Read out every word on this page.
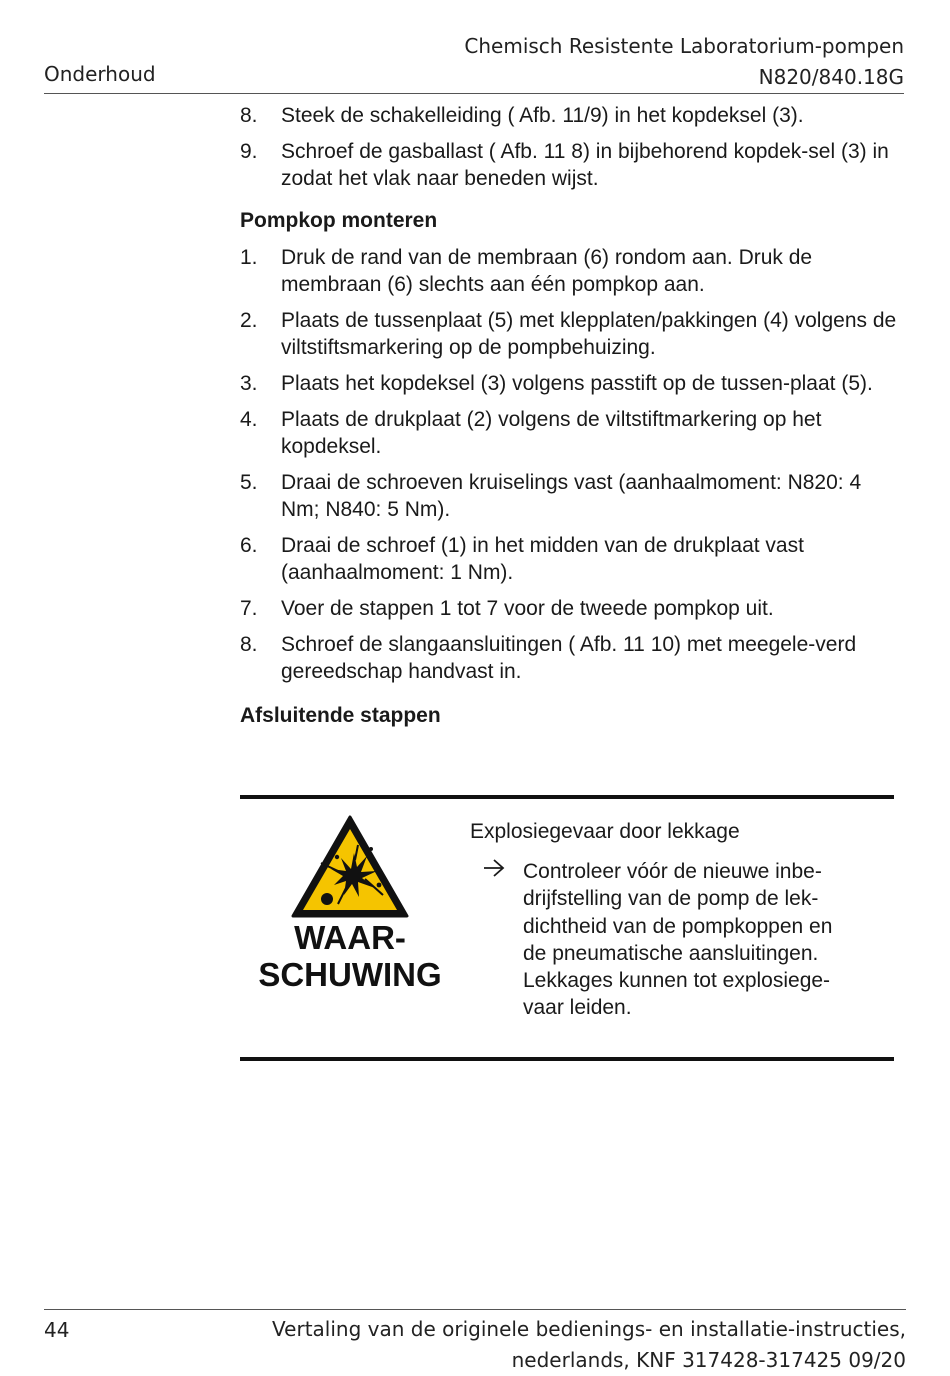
Onderhoud
Chemisch Resistente Laboratorium-pompen
N820/840.18G
8. Steek de schakelleiding ( Afb. 11/9) in het kopdeksel (3).
9. Schroef de gasballast ( Afb. 11 8) in bijbehorend kopdek-sel (3) in zodat het vlak naar beneden wijst.
Pompkop monteren
1. Druk de rand van de membraan (6) rondom aan. Druk de membraan (6) slechts aan één pompkop aan.
2. Plaats de tussenplaat (5) met klepplaten/pakkingen (4) volgens de viltstiftsmarkering op de pompbehuizing.
3. Plaats het kopdeksel (3) volgens passtift op de tussen-plaat (5).
4. Plaats de drukplaat (2) volgens de viltstiftmarkering op het kopdeksel.
5. Draai de schroeven kruiselings vast (aanhaalmoment: N820: 4 Nm; N840: 5 Nm).
6. Draai de schroef (1) in het midden van de drukplaat vast (aanhaalmoment: 1 Nm).
7. Voer de stappen 1 tot 7 voor de tweede pompkop uit.
8. Schroef de slangaansluitingen ( Afb. 11 10) met meegele-verd gereedschap handvast in.
Afsluitende stappen
WAAR-
SCHUWING
Explosiegevaar door lekkage
Controleer vóór de nieuwe inbe-
drijfstelling van de pomp de lek-
dichtheid van de pompkoppen en
de pneumatische aansluitingen.
Lekkages kunnen tot explosiege-
vaar leiden.
44	Vertaling van de originele bedienings- en installatie-instructies,
nederlands, KNF 317428-317425 09/20
